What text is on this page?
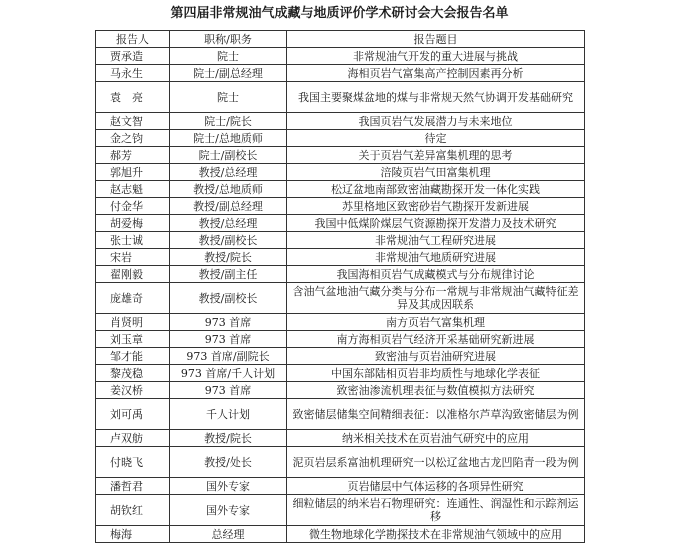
第四届非常规油气成藏与地质评价学术研讨会大会报告名单
报告人	职称/职务	报告题目
贾承造	院士	非常规油气开发的重大进展与挑战
马永生	院士/副总经理	海相页岩气富集高产控制因素再分析
袁　亮	院士	我国主要聚煤盆地的煤与非常规天然气协调开发基础研究
赵文智	院士/院长	我国页岩气发展潜力与未来地位
金之钧	院士/总地质师	待定
郝芳	院士/副校长	关于页岩气差异富集机理的思考
郭旭升	教授/总经理	涪陵页岩气田富集机理
赵志魁	教授/总地质师	松辽盆地南部致密油藏勘探开发一体化实践
付金华	教授/副总经理	苏里格地区致密砂岩气勘探开发新进展
胡爱梅	教授/总经理	我国中低煤阶煤层气资源勘探开发潜力及技术研究
张士诚	教授/副校长	非常规油气工程研究进展
宋岩	教授/院长	非常规油气地质研究进展
翟刚毅	教授/副主任	我国海相页岩气成藏模式与分布规律讨论
庞雄奇	教授/副校长	含油气盆地油气藏分类与分布一常规与非常规油气藏特征差异及其成因联系
肖贤明	973 首席	南方页岩气富集机理
刘玉章	973 首席	南方海相页岩气经济开采基础研究新进展
邹才能	973 首席/副院长	致密油与页岩油研究进展
黎茂稳	973 首席/千人计划	中国东部陆相页岩非均质性与地球化学表征
姜汉桥	973 首席	致密油渗流机理表征与数值模拟方法研究
刘可禹	千人计划	致密储层储集空间精细表征：以准格尔芦草沟致密储层为例
卢双舫	教授/院长	纳米相关技术在页岩油气研究中的应用
付晓飞	教授/处长	泥页岩层系富油机理研究一以松辽盆地古龙凹陷青一段为例
潘哲君	国外专家	页岩储层中气体运移的各项异性研究
胡钦红	国外专家	细粒储层的纳米岩石物理研究：连通性、润湿性和示踪剂运移
梅海	总经理	微生物地球化学勘探技术在非常规油气领域中的应用
